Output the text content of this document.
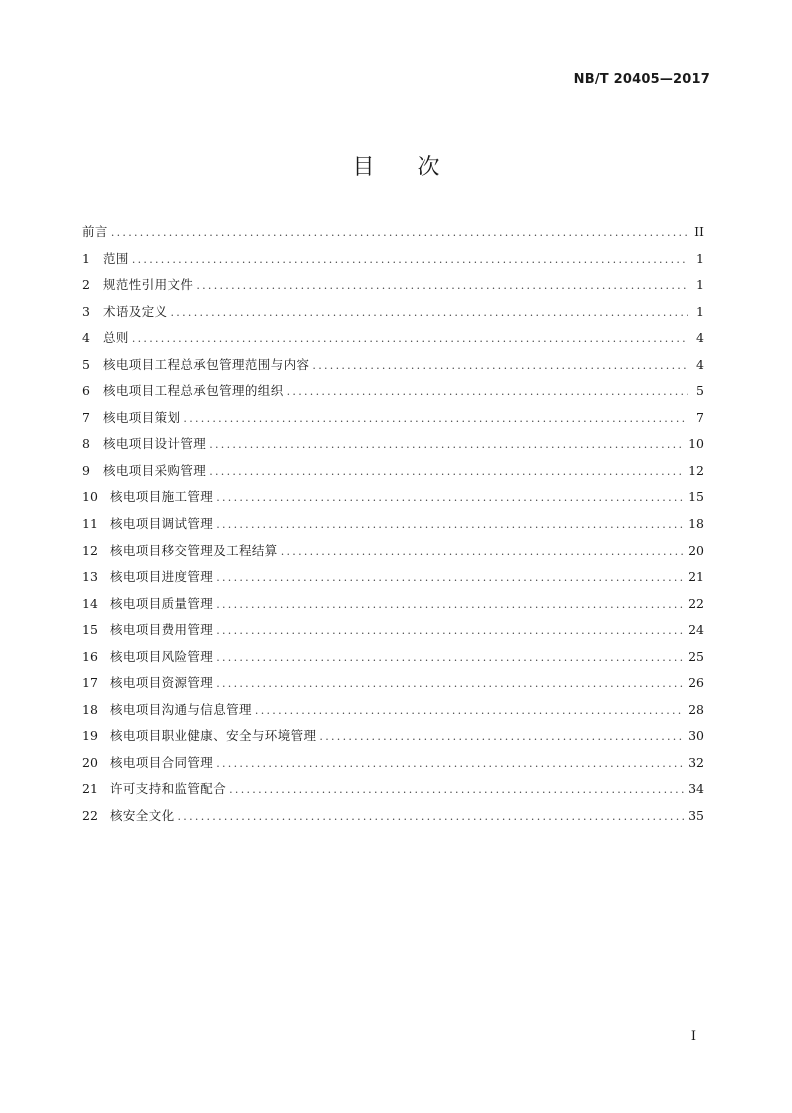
NB/T 20405—2017
目 次
前言 . . .	II
1	范围 . . .	1
2	规范性引用文件 . . .	1
3	术语及定义 . . .	1
4	总则 . . .	4
5	核电项目工程总承包管理范围与内容 . . .	4
6	核电项目工程总承包管理的组织 . . .	5
7	核电项目策划 . . .	7
8	核电项目设计管理 . . .	10
9	核电项目采购管理 . . .	12
10 核电项目施工管理 . . .	15
11 核电项目调试管理 . . .	18
12 核电项目移交管理及工程结算 . . .	20
13 核电项目进度管理 . . .	21
14 核电项目质量管理 . . .	22
15 核电项目费用管理 . . .	24
16 核电项目风险管理 . . .	25
17 核电项目资源管理 . . .	26
18 核电项目沟通与信息管理 . . .	28
19 核电项目职业健康、安全与环境管理 . . .	30
20 核电项目合同管理 . . .	32
21 许可支持和监管配合 . . .	34
22 核安全文化 . . .	35
I
